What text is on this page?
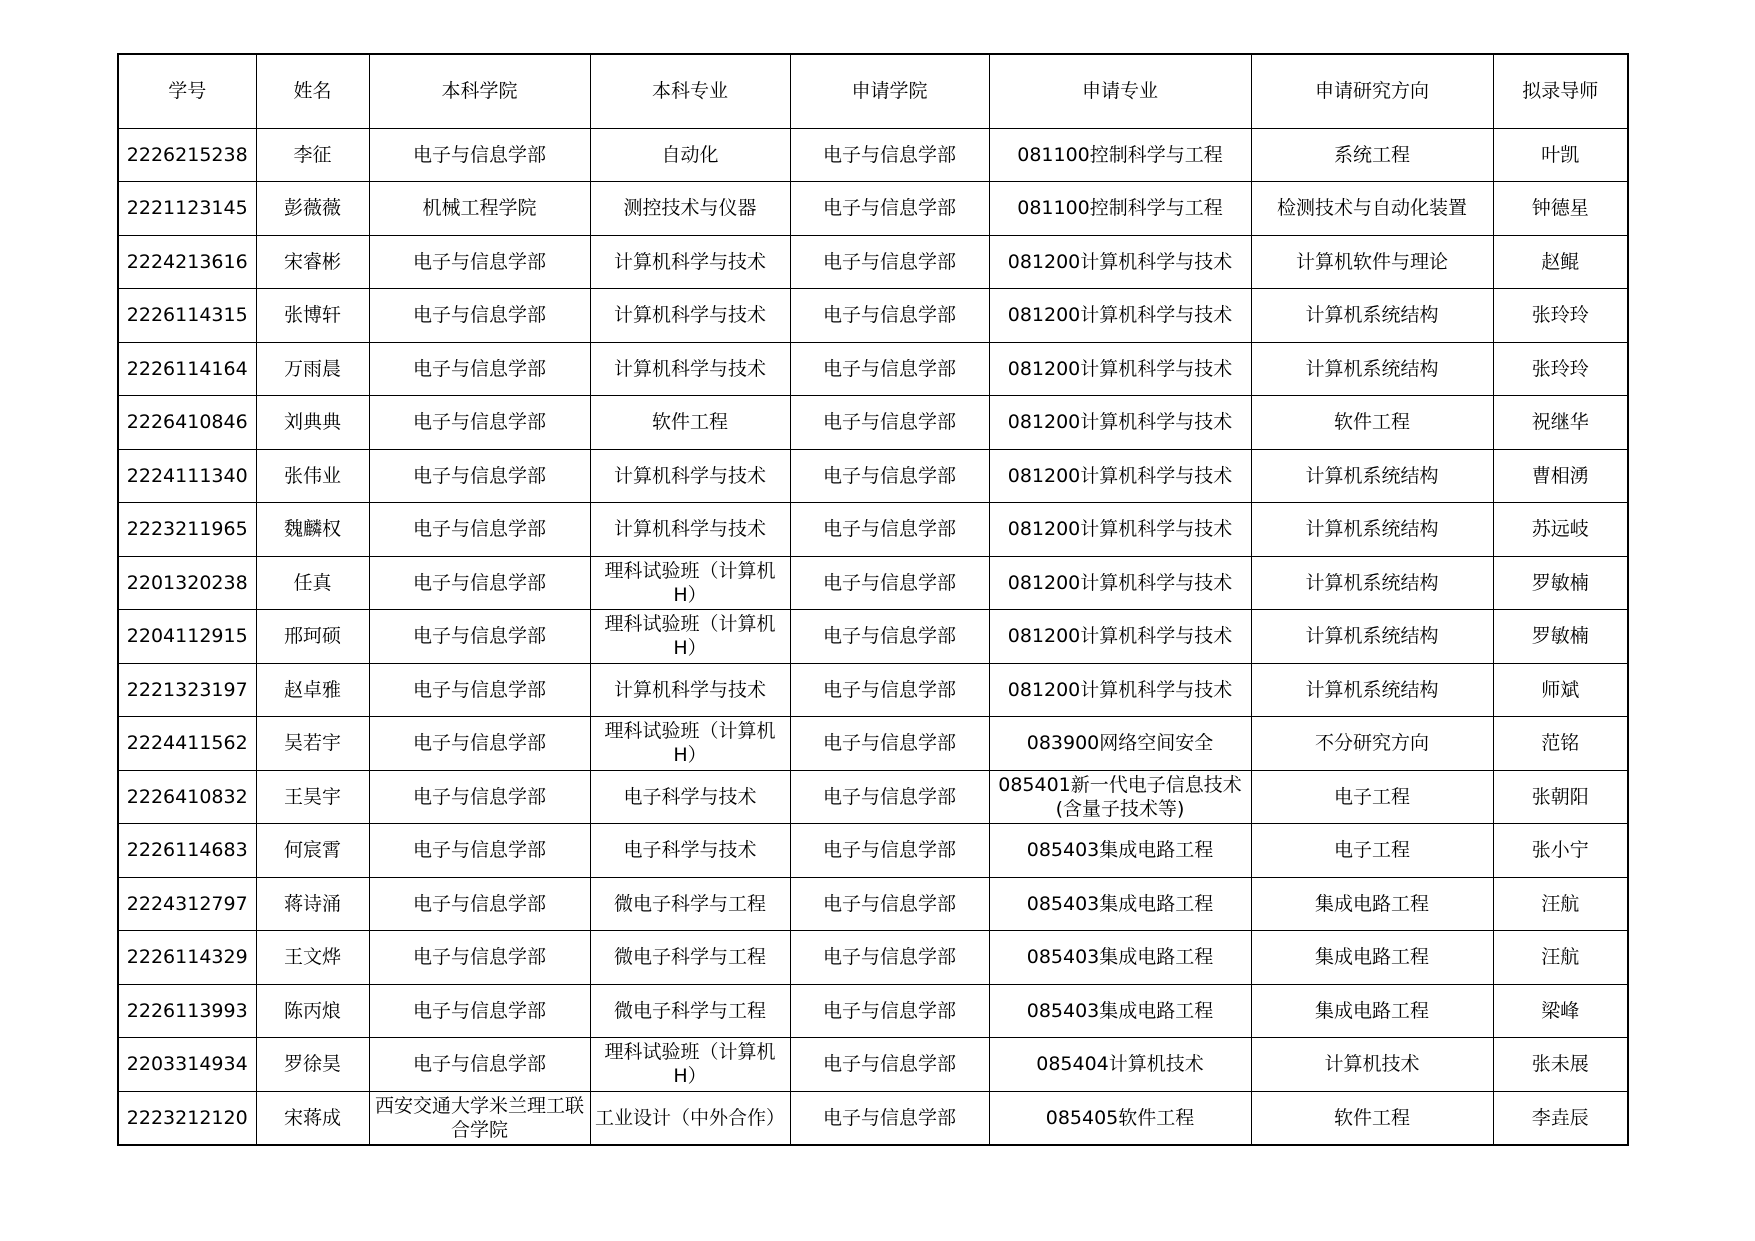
学号	姓名	本科学院	本科专业	申请学院	申请专业	申请研究方向	拟录导师
2226215238	李征	电子与信息学部	自动化	电子与信息学部	081100控制科学与工程	系统工程	叶凯
2221123145	彭薇薇	机械工程学院	测控技术与仪器	电子与信息学部	081100控制科学与工程	检测技术与自动化装置	钟德星
2224213616	宋睿彬	电子与信息学部	计算机科学与技术	电子与信息学部	081200计算机科学与技术	计算机软件与理论	赵鲲
2226114315	张博轩	电子与信息学部	计算机科学与技术	电子与信息学部	081200计算机科学与技术	计算机系统结构	张玲玲
2226114164	万雨晨	电子与信息学部	计算机科学与技术	电子与信息学部	081200计算机科学与技术	计算机系统结构	张玲玲
2226410846	刘典典	电子与信息学部	软件工程	电子与信息学部	081200计算机科学与技术	软件工程	祝继华
2224111340	张伟业	电子与信息学部	计算机科学与技术	电子与信息学部	081200计算机科学与技术	计算机系统结构	曹相湧
2223211965	魏麟权	电子与信息学部	计算机科学与技术	电子与信息学部	081200计算机科学与技术	计算机系统结构	苏远岐
2201320238	任真	电子与信息学部	理科试验班（计算机H）	电子与信息学部	081200计算机科学与技术	计算机系统结构	罗敏楠
2204112915	邢珂硕	电子与信息学部	理科试验班（计算机H）	电子与信息学部	081200计算机科学与技术	计算机系统结构	罗敏楠
2221323197	赵卓雅	电子与信息学部	计算机科学与技术	电子与信息学部	081200计算机科学与技术	计算机系统结构	师斌
2224411562	吴若宇	电子与信息学部	理科试验班（计算机H）	电子与信息学部	083900网络空间安全	不分研究方向	范铭
2226410832	王昊宇	电子与信息学部	电子科学与技术	电子与信息学部	085401新一代电子信息技术(含量子技术等)	电子工程	张朝阳
2226114683	何宸霄	电子与信息学部	电子科学与技术	电子与信息学部	085403集成电路工程	电子工程	张小宁
2224312797	蒋诗涌	电子与信息学部	微电子科学与工程	电子与信息学部	085403集成电路工程	集成电路工程	汪航
2226114329	王文烨	电子与信息学部	微电子科学与工程	电子与信息学部	085403集成电路工程	集成电路工程	汪航
2226113993	陈丙烺	电子与信息学部	微电子科学与工程	电子与信息学部	085403集成电路工程	集成电路工程	梁峰
2203314934	罗徐昊	电子与信息学部	理科试验班（计算机H）	电子与信息学部	085404计算机技术	计算机技术	张未展
2223212120	宋蒋成	西安交通大学米兰理工联合学院	工业设计（中外合作）	电子与信息学部	085405软件工程	软件工程	李垚辰
